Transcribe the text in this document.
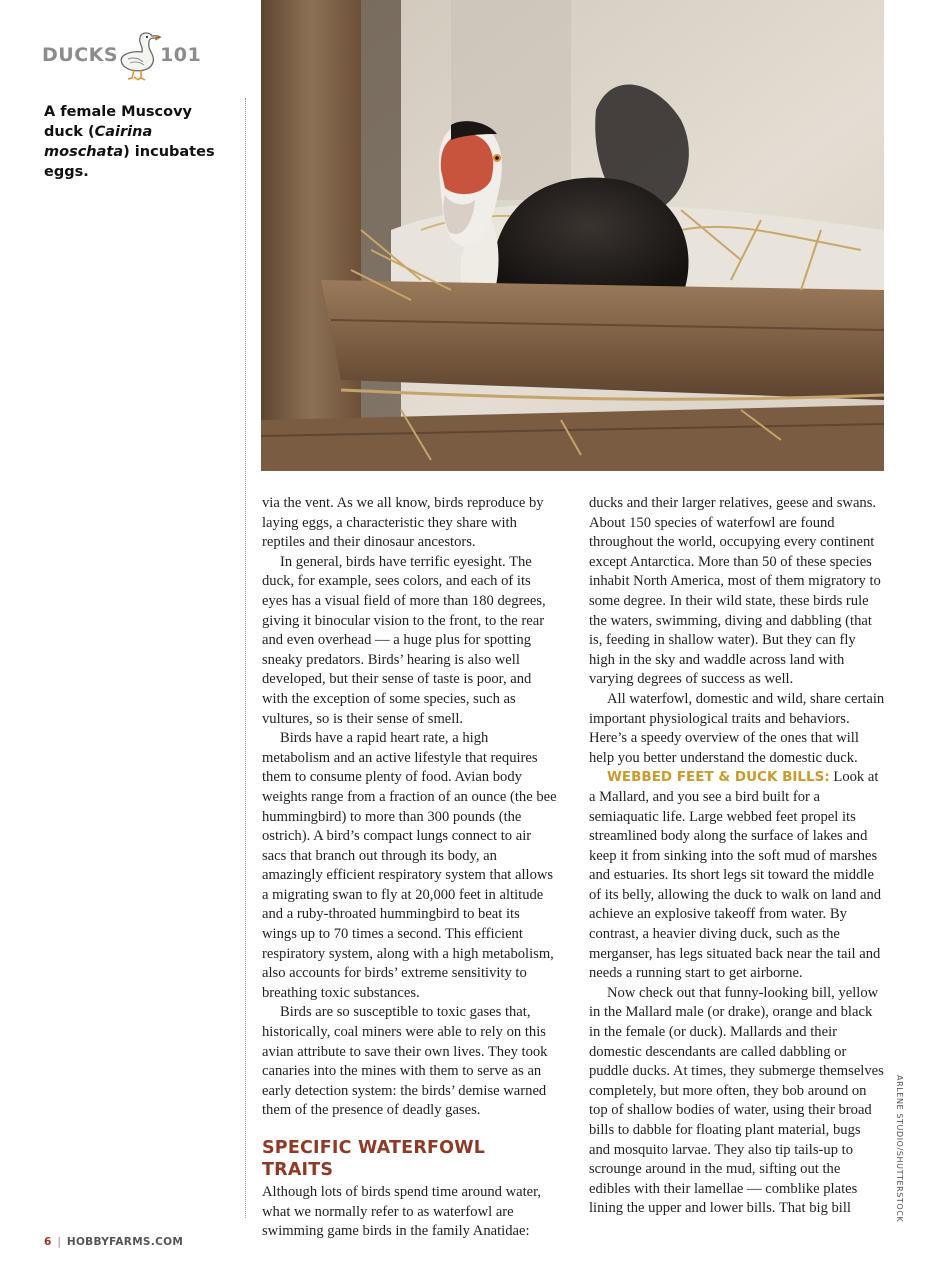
DUCKS 101
A female Muscovy duck (Cairina moschata) incubates eggs.

via the vent. As we all know, birds reproduce by laying eggs, a characteristic they share with reptiles and their dinosaur ancestors.

In general, birds have terrific eyesight. The duck, for example, sees colors, and each of its eyes has a visual field of more than 180 degrees, giving it binocular vision to the front, to the rear and even overhead — a huge plus for spotting sneaky predators. Birds’ hearing is also well developed, but their sense of taste is poor, and with the exception of some species, such as vultures, so is their sense of smell.

Birds have a rapid heart rate, a high metabolism and an active lifestyle that requires them to consume plenty of food. Avian body weights range from a fraction of an ounce (the bee hummingbird) to more than 300 pounds (the ostrich). A bird’s compact lungs connect to air sacs that branch out through its body, an amazingly efficient respiratory system that allows a migrating swan to fly at 20,000 feet in altitude and a ruby-throated hummingbird to beat its wings up to 70 times a second. This efficient respiratory system, along with a high metabolism, also accounts for birds’ extreme sensitivity to breathing toxic substances.

Birds are so susceptible to toxic gases that, historically, coal miners were able to rely on this avian attribute to save their own lives. They took canaries into the mines with them to serve as an early detection system: the birds’ demise warned them of the presence of deadly gases.

SPECIFIC WATERFOWL TRAITS

Although lots of birds spend time around water, what we normally refer to as waterfowl are swimming game birds in the family Anatidae:

ducks and their larger relatives, geese and swans. About 150 species of waterfowl are found throughout the world, occupying every continent except Antarctica. More than 50 of these species inhabit North America, most of them migratory to some degree. In their wild state, these birds rule the waters, swimming, diving and dabbling (that is, feeding in shallow water). But they can fly high in the sky and waddle across land with varying degrees of success as well.

All waterfowl, domestic and wild, share certain important physiological traits and behaviors. Here’s a speedy overview of the ones that will help you better understand the domestic duck.

WEBBED FEET & DUCK BILLS: Look at a Mallard, and you see a bird built for a semiaquatic life. Large webbed feet propel its streamlined body along the surface of lakes and keep it from sinking into the soft mud of marshes and estuaries. Its short legs sit toward the middle of its belly, allowing the duck to walk on land and achieve an explosive takeoff from water. By contrast, a heavier diving duck, such as the merganser, has legs situated back near the tail and needs a running start to get airborne.

Now check out that funny-looking bill, yellow in the Mallard male (or drake), orange and black in the female (or duck). Mallards and their domestic descendants are called dabbling or puddle ducks. At times, they submerge themselves completely, but more often, they bob around on top of shallow bodies of water, using their broad bills to dabble for floating plant material, bugs and mosquito larvae. They also tip tails-up to scrounge around in the mud, sifting out the edibles with their lamellae — comblike plates lining the upper and lower bills. That big bill	ARLENE STUDIO/SHUTTERSTOCK
6 | HOBBYFARMS.COM
